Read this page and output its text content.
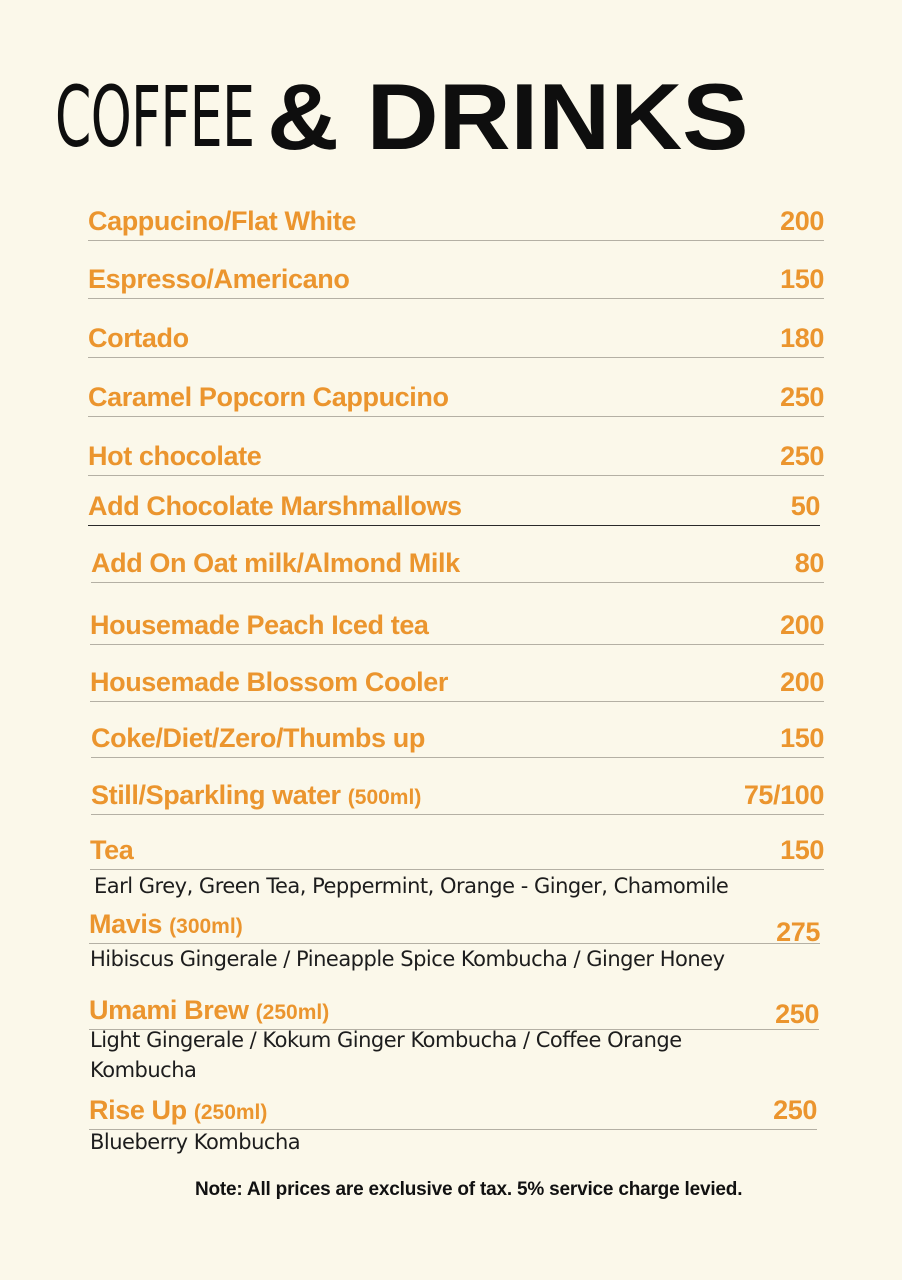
COFFEE & DRINKS
Cappucino/Flat White	200
Espresso/Americano	150
Cortado	180
Caramel Popcorn Cappucino	250
Hot chocolate	250
Add Chocolate Marshmallows	50
Add On Oat milk/Almond Milk	80
Housemade Peach Iced tea	200
Housemade Blossom Cooler	200
Coke/Diet/Zero/Thumbs up	150
Still/Sparkling water (500ml)	75/100
Tea	150
Earl Grey, Green Tea, Peppermint, Orange - Ginger, Chamomile
Mavis (300ml)	275
Hibiscus Gingerale / Pineapple Spice Kombucha / Ginger Honey
Umami Brew (250ml)	250
Light Gingerale / Kokum Ginger Kombucha / Coffee Orange Kombucha
Rise Up (250ml)	250
Blueberry Kombucha
Note: All prices are exclusive of tax. 5% service charge levied.
